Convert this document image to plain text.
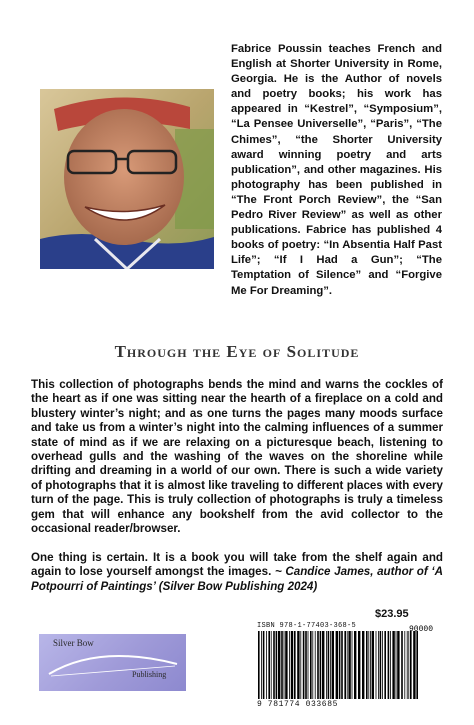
Fabrice Poussin teaches French and English at Shorter University in Rome, Georgia. He is the Author of novels and poetry books; his work has appeared in “Kestrel”, “Symposium”, “La Pensee Universelle”, “Paris”, “The Chimes”, “the Shorter University award winning poetry and arts publication”, and other magazines. His photography has been published in “The Front Porch Review”, the “San Pedro River Review” as well as other publications. Fabrice has published 4 books of poetry: “In Absentia Half Past Life”; “If I Had a Gun”; “The Temptation of Silence” and “Forgive Me For Dreaming”.

Through the Eye of Solitude

This collection of photographs bends the mind and warns the cockles of the heart as if one was sitting near the hearth of a fireplace on a cold and blustery winter’s night; and as one turns the pages many moods surface and take us from a winter’s night into the calming influences of a summer state of mind as if we are relaxing on a picturesque beach, listening to overhead gulls and the washing of the waves on the shoreline while drifting and dreaming in a world of our own. There is such a wide variety of photographs that it is almost like traveling to different places with every turn of the page. This is truly collection of photographs is truly a timeless gem that will enhance any bookshelf from the avid collector to the occasional reader/browser.

One thing is certain. It is a book you will take from the shelf again and again to lose yourself amongst the images. ~ Candice James, author of ‘A Potpourri of Paintings’ (Silver Bow Publishing 2024)

Silver Bow
Publishing
$23.95
ISBN 978-1-77403-368-5
9 781774 033685
90000
